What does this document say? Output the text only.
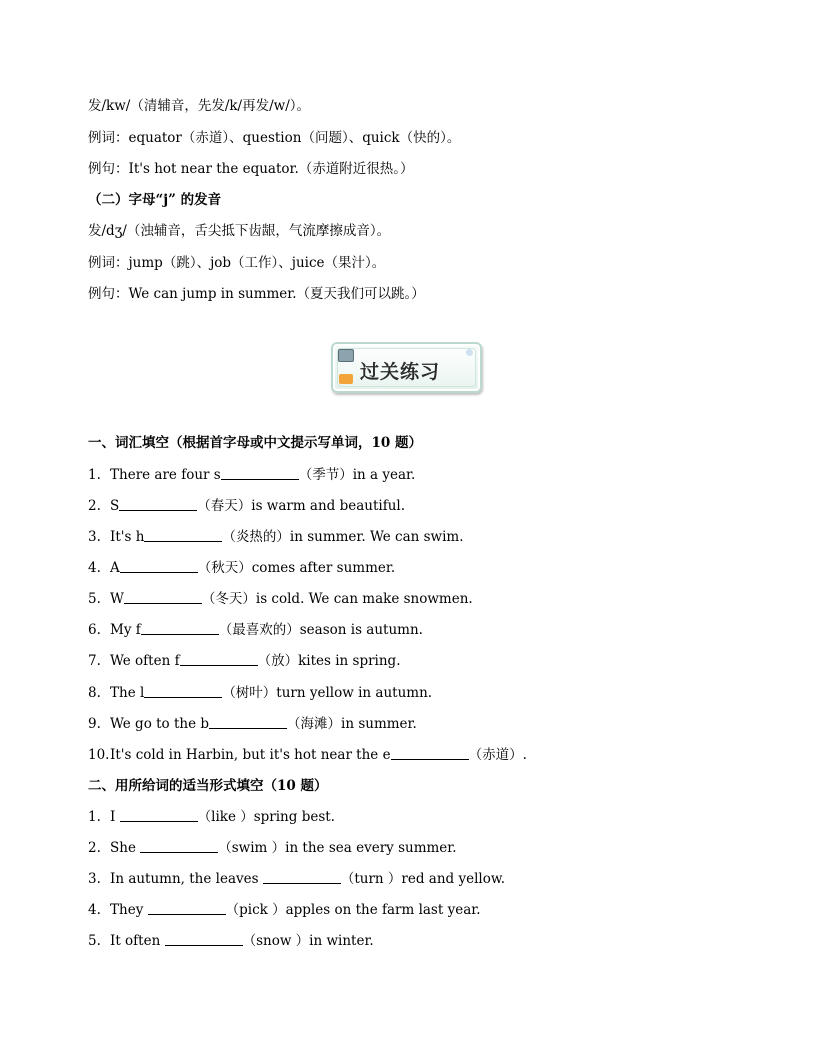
发/kw/（清辅音，先发/k/再发/w/）。
例词：equator（赤道）、question（问题）、quick（快的）。
例句：It's hot near the equator.（赤道附近很热。）
（二）字母“j” 的发音
发/dʒ/（浊辅音，舌尖抵下齿龈，气流摩擦成音）。
例词：jump（跳）、job（工作）、juice（果汁）。
例句：We can jump in summer.（夏天我们可以跳。）
过关练习
一、词汇填空（根据首字母或中文提示写单词，10 题）
1. There are four s	（季节）in a year.
2. S	（春天）is warm and beautiful.
3. It's h	（炎热的）in summer. We can swim.
4. A	（秋天）comes after summer.
5. W	（冬天）is cold. We can make snowmen.
6. My f	（最喜欢的）season is autumn.
7. We often f	（放）kites in spring.
8. The l	（树叶）turn yellow in autumn.
9. We go to the b	（海滩）in summer.
10.It's cold in Harbin, but it's hot near the e	（赤道）.
二、用所给词的适当形式填空（10 题）
1. I	（like ）spring best.
2. She	（swim ）in the sea every summer.
3. In autumn, the leaves	（turn ）red and yellow.
4. They	（pick ）apples on the farm last year.
5. It often	（snow ）in winter.
